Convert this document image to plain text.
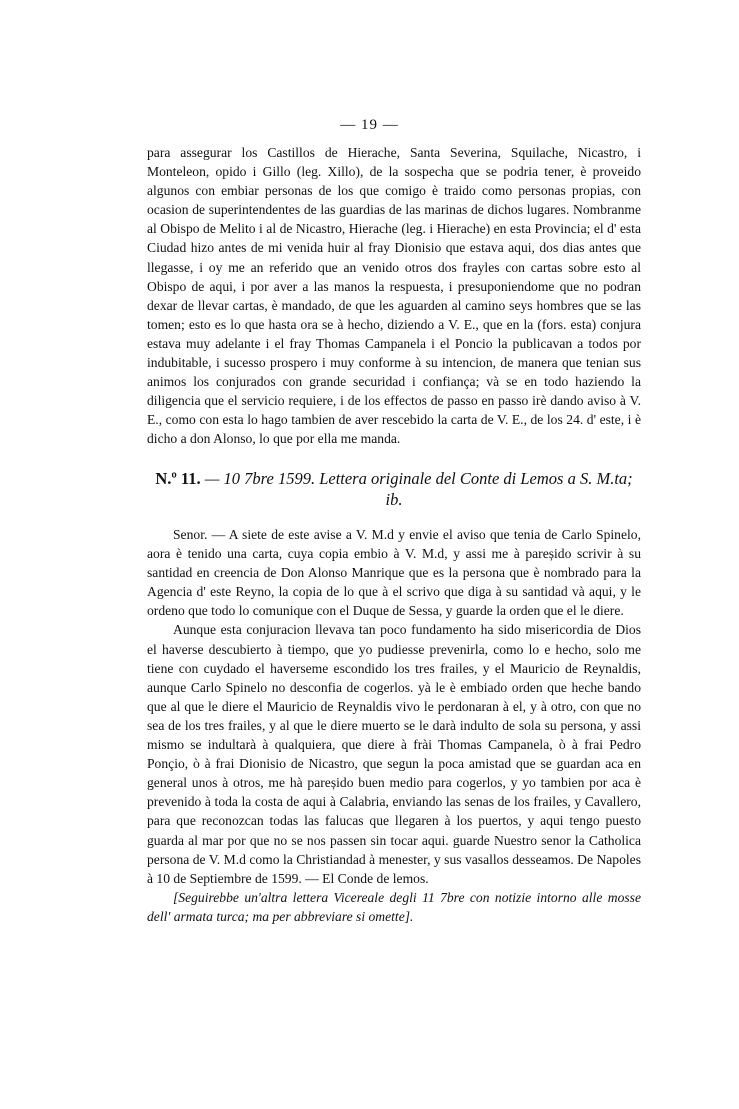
— 19 —

para assegurar los Castillos de Hierache, Santa Severina, Squilache, Nicastro, i Monteleon, opido i Gillo (leg. Xillo), de la sospecha que se podria tener, è proveido algunos con embiar personas de los que comigo è traido como personas propias, con ocasion de superintendentes de las guardias de las marinas de dichos lugares. Nombranme al Obispo de Melito i al de Nicastro, Hierache (leg. i Hierache) en esta Provincia; el d' esta Ciudad hizo antes de mi venida huir al fray Dionisio que estava aqui, dos dias antes que llegasse, i oy me an referido que an venido otros dos frayles con cartas sobre esto al Obispo de aqui, i por aver a las manos la respuesta, i presuponiendome que no podran dexar de llevar cartas, è mandado, de que les aguarden al camino seys hombres que se las tomen; esto es lo que hasta ora se à hecho, diziendo a V. E., que en la (fors. esta) conjura estava muy adelante i el fray Thomas Campanela i el Poncio la publicavan a todos por indubitable, i sucesso prospero i muy conforme à su intencion, de manera que tenian sus animos los conjurados con grande securidad i confiança; và se en todo haziendo la diligencia que el servicio requiere, i de los effectos de passo en passo irè dando aviso à V. E., como con esta lo hago tambien de aver rescebido la carta de V. E., de los 24. d' este, i è dicho a don Alonso, lo que por ella me manda.

N.º 11. — 10 7bre 1599. Lettera originale del Conte di Lemos a S. M.ta; ib.

Senor. — A siete de este avise a V. M.d y envie el aviso que tenia de Carlo Spinelo, aora è tenido una carta, cuya copia embio à V. M.d, y assi me à pareșido scrivir à su santidad en creencia de Don Alonso Manrique que es la persona que è nombrado para la Agencia d' este Reyno, la copia de lo que à el scrivo que diga à su santidad và aqui, y le ordeno que todo lo comunique con el Duque de Sessa, y guarde la orden que el le diere.

Aunque esta conjuracion llevava tan poco fundamento ha sido misericordia de Dios el haverse descubierto à tiempo, que yo pudiesse prevenirla, como lo e hecho, solo me tiene con cuydado el haverseme escondido los tres frailes, y el Mauricio de Reynaldis, aunque Carlo Spinelo no desconfia de cogerlos. yà le è embiado orden que heche bando que al que le diere el Mauricio de Reynaldis vivo le perdonaran à el, y à otro, con que no sea de los tres frailes, y al que le diere muerto se le darà indulto de sola su persona, y assi mismo se indultarà à qualquiera, que diere à frài Thomas Campanela, ò à frai Pedro Ponçio, ò à frai Dionisio de Nicastro, que segun la poca amistad que se guardan aca en general unos à otros, me hà pareșido buen medio para cogerlos, y yo tambien por aca è prevenido à toda la costa de aqui à Calabria, enviando las senas de los frailes, y Cavallero, para que reconozcan todas las falucas que llegaren à los puertos, y aqui tengo puesto guarda al mar por que no se nos passen sin tocar aqui. guarde Nuestro senor la Catholica persona de V. M.d como la Christiandad à menester, y sus vasallos desseamos. De Napoles à 10 de Septiembre de 1599. — El Conde de lemos.

[Seguirebbe un'altra lettera Vicereale degli 11 7bre con notizie intorno alle mosse dell' armata turca; ma per abbreviare si omette].
